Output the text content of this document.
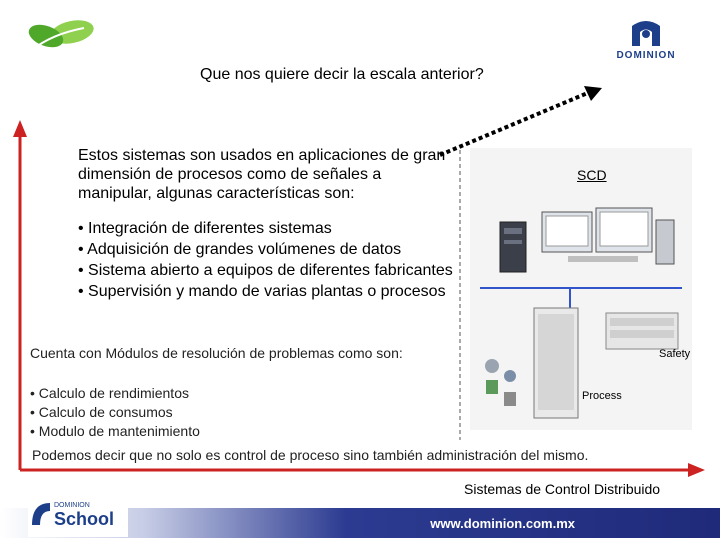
DOMINION
Que nos quiere decir la escala anterior?
Estos sistemas son usados en aplicaciones de gran dimensión de procesos como de señales a manipular, algunas características son:
• Integración de diferentes sistemas
• Adquisición de grandes volúmenes de datos
• Sistema abierto a equipos de diferentes fabricantes
• Supervisión y mando de varias plantas o procesos
Cuenta con Módulos de resolución de problemas como son:
• Calculo de rendimientos
• Calculo de consumos
• Modulo de mantenimiento
Podemos decir que no solo es control de proceso sino también administración del mismo.
Sistemas de Control Distribuido
SCD
Safety
Process
www.dominion.com.mx
DOMINION
School
